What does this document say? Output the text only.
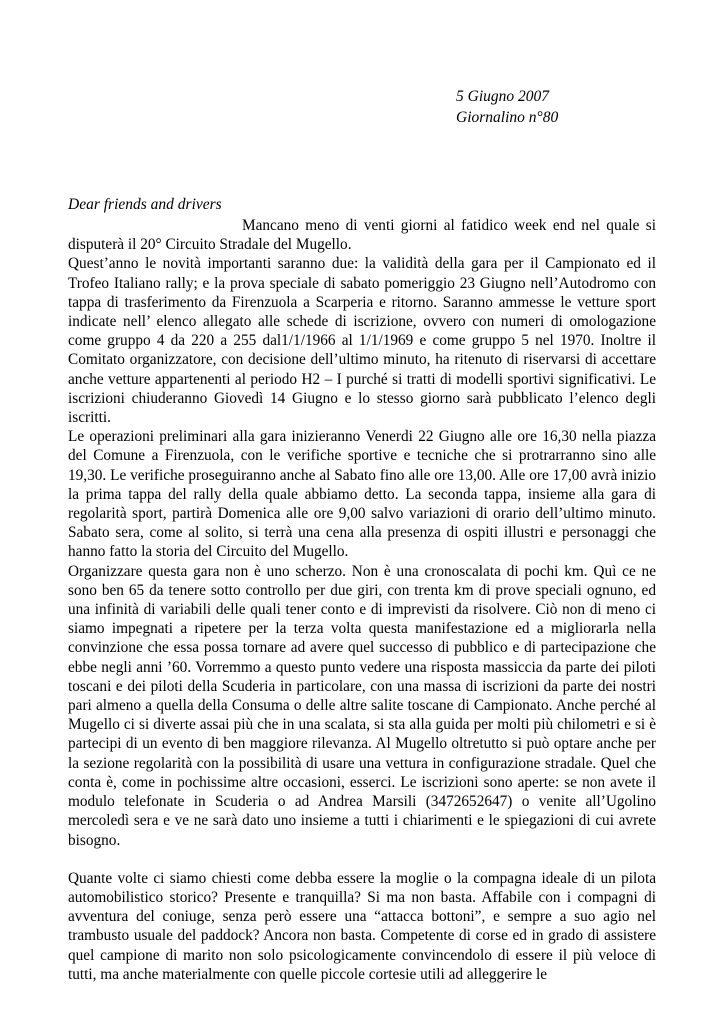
5 Giugno 2007
Giornalino n°80
Dear friends and drivers

Mancano meno di venti giorni al fatidico week end nel quale si disputerà il 20° Circuito Stradale del Mugello.

Quest’anno le novità importanti saranno due: la validità della gara per il Campionato ed il Trofeo Italiano rally; e la prova speciale di sabato pomeriggio 23 Giugno nell’Autodromo con tappa di trasferimento da Firenzuola a Scarperia e ritorno. Saranno ammesse le vetture sport indicate nell’ elenco allegato alle schede di iscrizione, ovvero con numeri di omologazione come gruppo 4 da 220 a 255 dal1/1/1966 al 1/1/1969 e come gruppo 5 nel 1970. Inoltre il Comitato organizzatore, con decisione dell’ultimo minuto, ha ritenuto di riservarsi di accettare anche vetture appartenenti al periodo H2 – I purché si tratti di modelli sportivi significativi. Le iscrizioni chiuderanno Giovedì 14 Giugno e lo stesso giorno sarà pubblicato l’elenco degli iscritti.

Le operazioni preliminari alla gara inizieranno Venerdi 22 Giugno alle ore 16,30 nella piazza del Comune a Firenzuola, con le verifiche sportive e tecniche che si protrarranno sino alle 19,30. Le verifiche proseguiranno anche al Sabato fino alle ore 13,00. Alle ore 17,00 avrà inizio la prima tappa del rally della quale abbiamo detto. La seconda tappa, insieme alla gara di regolarità sport, partirà Domenica alle ore 9,00 salvo variazioni di orario dell’ultimo minuto. Sabato sera, come al solito, si terrà una cena alla presenza di ospiti illustri e personaggi che hanno fatto la storia del Circuito del Mugello.

Organizzare questa gara non è uno scherzo. Non è una cronoscalata di pochi km. Quì ce ne sono ben 65 da tenere sotto controllo per due giri, con trenta km di prove speciali ognuno, ed una infinità di variabili delle quali tener conto e di imprevisti da risolvere. Ciò non di meno ci siamo impegnati a ripetere per la terza volta questa manifestazione ed a migliorarla nella convinzione che essa possa tornare ad avere quel successo di pubblico e di partecipazione che ebbe negli anni ’60. Vorremmo a questo punto vedere una risposta massiccia da parte dei piloti toscani e dei piloti della Scuderia in particolare, con una massa di iscrizioni da parte dei nostri pari almeno a quella della Consuma o delle altre salite toscane di Campionato. Anche perché al Mugello ci si diverte assai più che in una scalata, si sta alla guida per molti più chilometri e si è partecipi di un evento di ben maggiore rilevanza. Al Mugello oltretutto si può optare anche per la sezione regolarità con la possibilità di usare una vettura in configurazione stradale. Quel che conta è, come in pochissime altre occasioni, esserci. Le iscrizioni sono aperte: se non avete il modulo telefonate in Scuderia o ad Andrea Marsili (3472652647) o venite all’Ugolino mercoledì sera e ve ne sarà dato uno insieme a tutti i chiarimenti e le spiegazioni di cui avrete bisogno.

Quante volte ci siamo chiesti come debba essere la moglie o la compagna ideale di un pilota automobilistico storico? Presente e tranquilla? Si ma non basta. Affabile con i compagni di avventura del coniuge, senza però essere una “attacca bottoni”, e sempre a suo agio nel trambusto usuale del paddock? Ancora non basta. Competente di corse ed in grado di assistere quel campione di marito non solo psicologicamente convincendolo di essere il più veloce di tutti, ma anche materialmente con quelle piccole cortesie utili ad alleggerire le
